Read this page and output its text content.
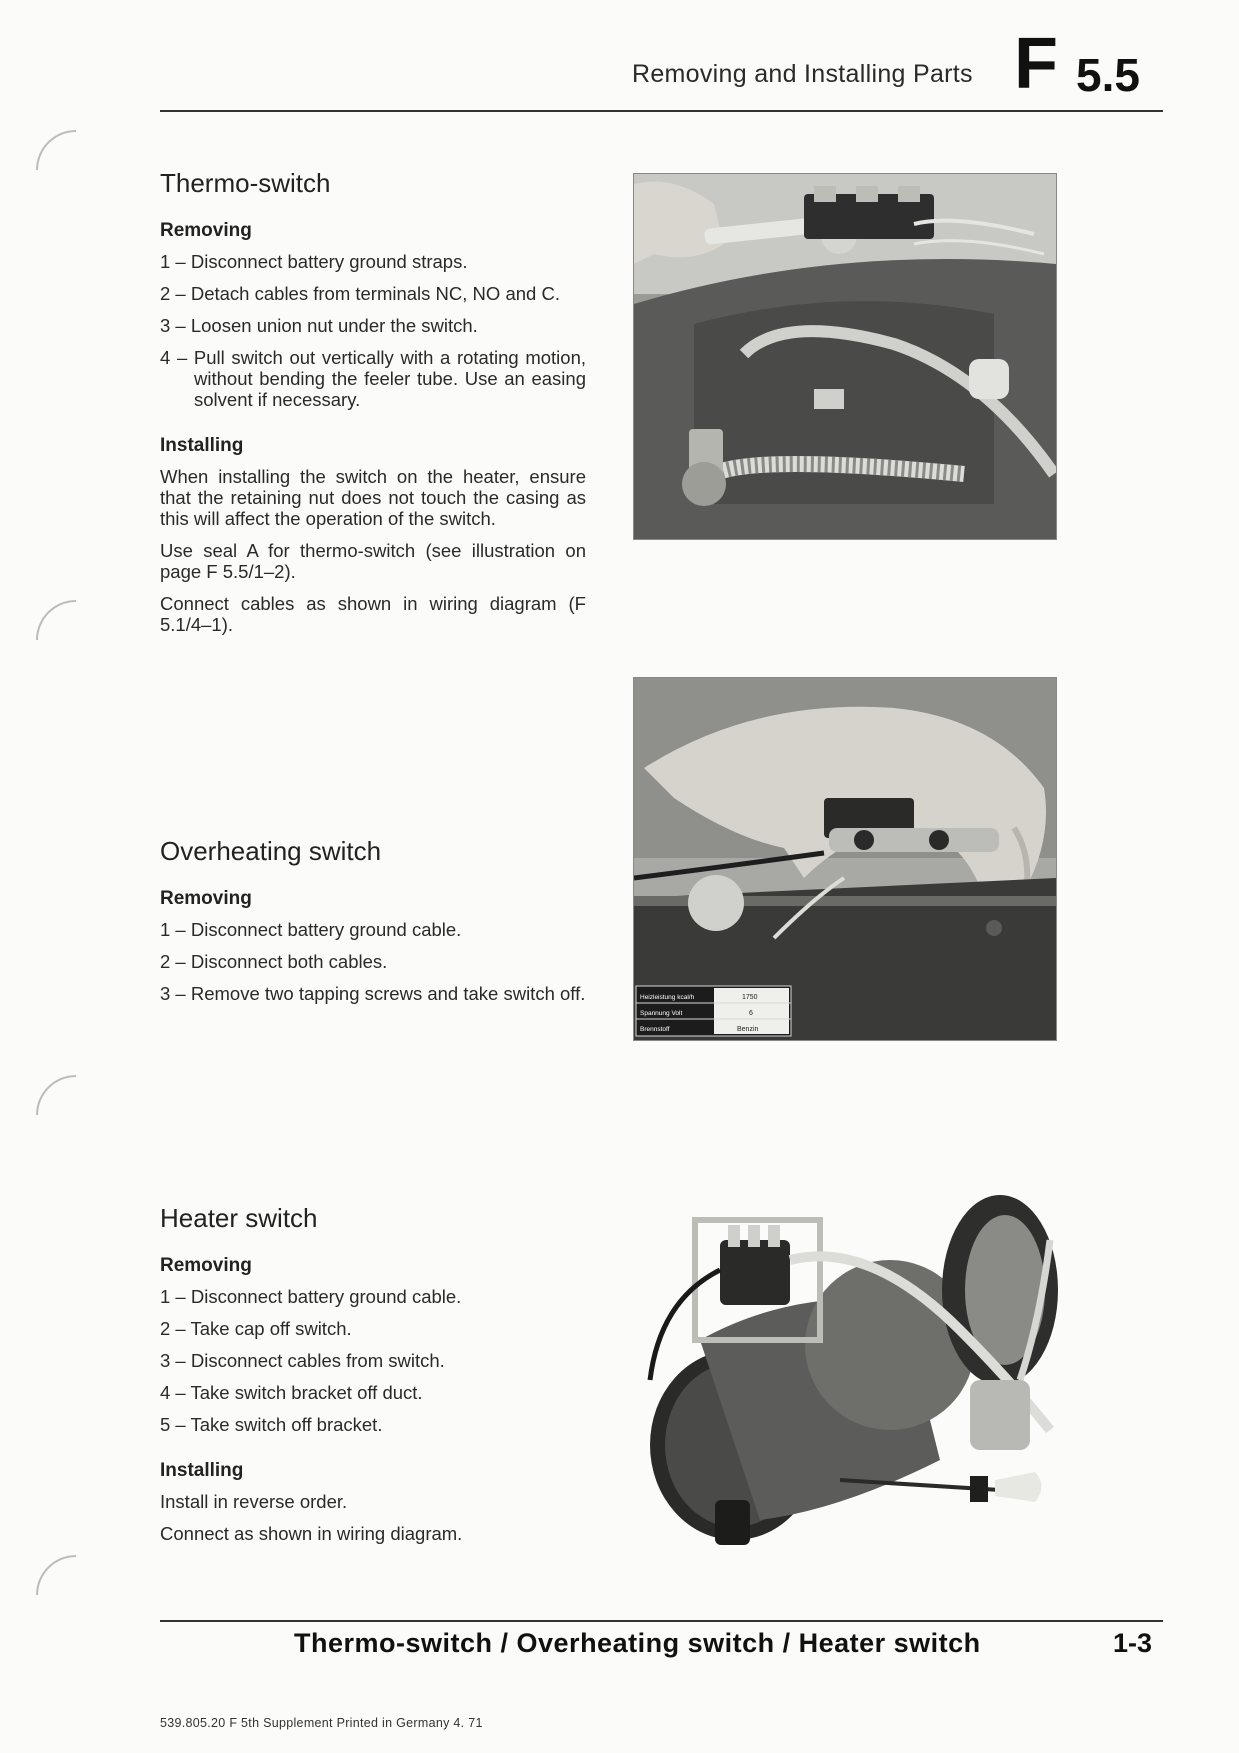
Removing and Installing Parts F 5.5
Thermo-switch
Removing
1 – Disconnect battery ground straps.
2 – Detach cables from terminals NC, NO and C.
3 – Loosen union nut under the switch.
4 – Pull switch out vertically with a rotating motion, without bending the feeler tube. Use an easing solvent if necessary.
Installing
When installing the switch on the heater, ensure that the retaining nut does not touch the casing as this will affect the operation of the switch.
Use seal A for thermo-switch (see illustration on page F 5.5/1–2).
Connect cables as shown in wiring diagram (F 5.1/4–1).
Heizleistung kcal/h
Spannung Volt
Brennstoff
1750
6
Benzin
Overheating switch
Removing
1 – Disconnect battery ground cable.
2 – Disconnect both cables.
3 – Remove two tapping screws and take switch off.
Heater switch
Removing
1 – Disconnect battery ground cable.
2 – Take cap off switch.
3 – Disconnect cables from switch.
4 – Take switch bracket off duct.
5 – Take switch off bracket.
Installing
Install in reverse order.
Connect as shown in wiring diagram.
Thermo-switch / Overheating switch / Heater switch	1-3
539.805.20 F 5th Supplement Printed in Germany 4. 71
